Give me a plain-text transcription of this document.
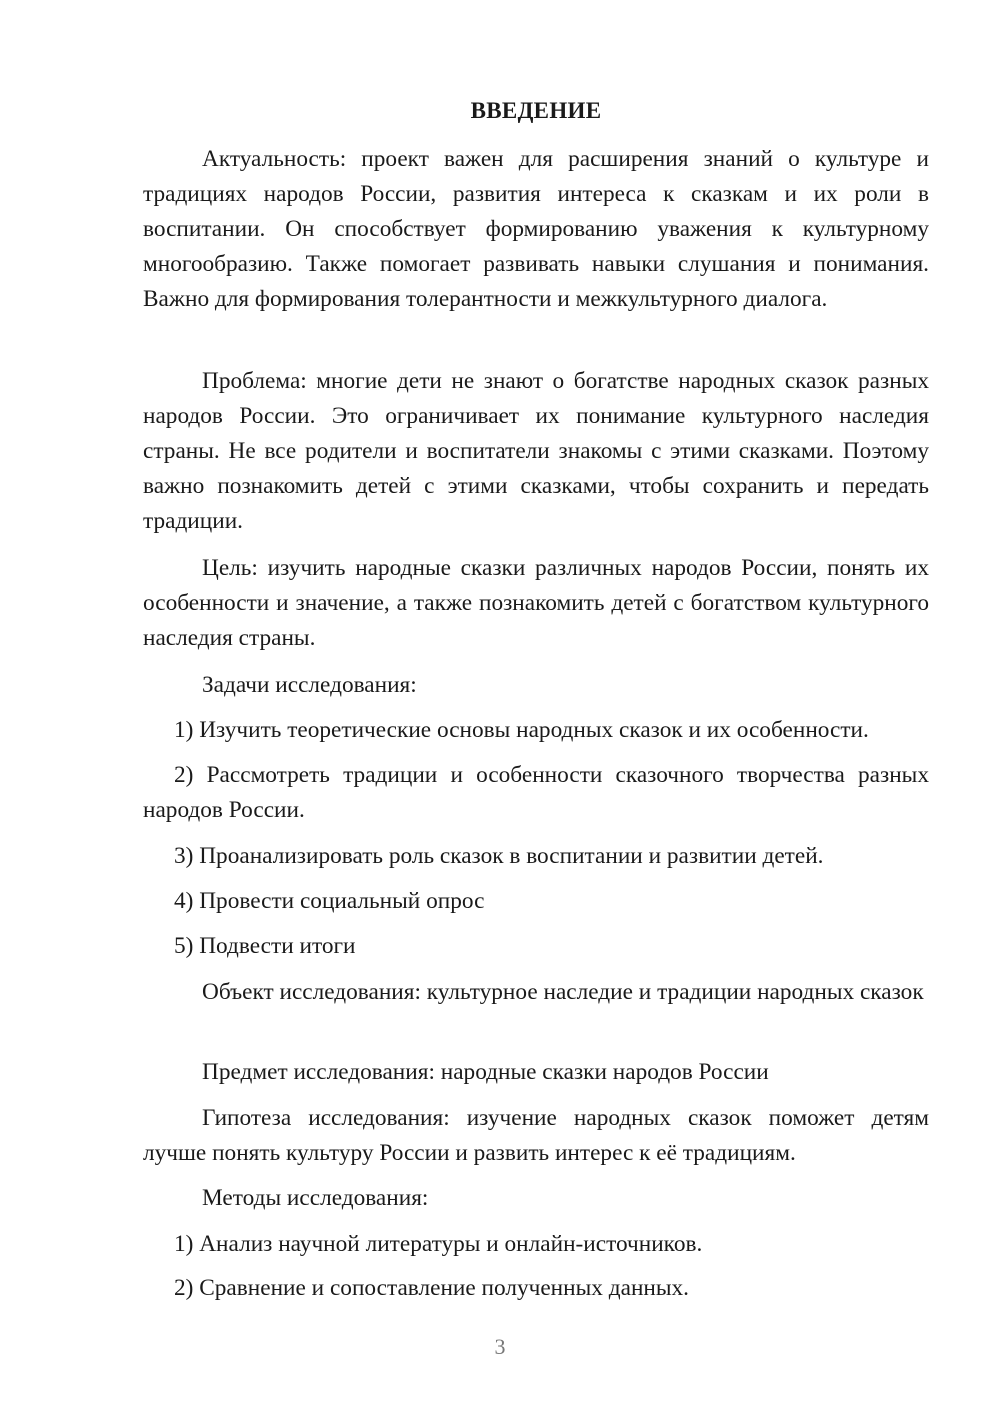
ВВЕДЕНИЕ
Актуальность: проект важен для расширения знаний о культуре и традициях народов России, развития интереса к сказкам и их роли в воспитании. Он способствует формированию уважения к культурному многообразию. Также помогает развивать навыки слушания и понимания. Важно для формирования толерантности и межкультурного диалога.
Проблема: многие дети не знают о богатстве народных сказок разных народов России. Это ограничивает их понимание культурного наследия страны. Не все родители и воспитатели знакомы с этими сказками. Поэтому важно познакомить детей с этими сказками, чтобы сохранить и передать традиции.
Цель: изучить народные сказки различных народов России, понять их особенности и значение, а также познакомить детей с богатством культурного наследия страны.
Задачи исследования:
1) Изучить теоретические основы народных сказок и их особенности.
2) Рассмотреть традиции и особенности сказочного творчества разных народов России.
3) Проанализировать роль сказок в воспитании и развитии детей.
4) Провести социальный опрос
5) Подвести итоги
Объект исследования: культурное наследие и традиции народных сказок
Предмет исследования: народные сказки народов России
Гипотеза исследования: изучение народных сказок поможет детям лучше понять культуру России и развить интерес к её традициям.
Методы исследования:
1) Анализ научной литературы и онлайн-источников.
2) Сравнение и сопоставление полученных данных.
3
